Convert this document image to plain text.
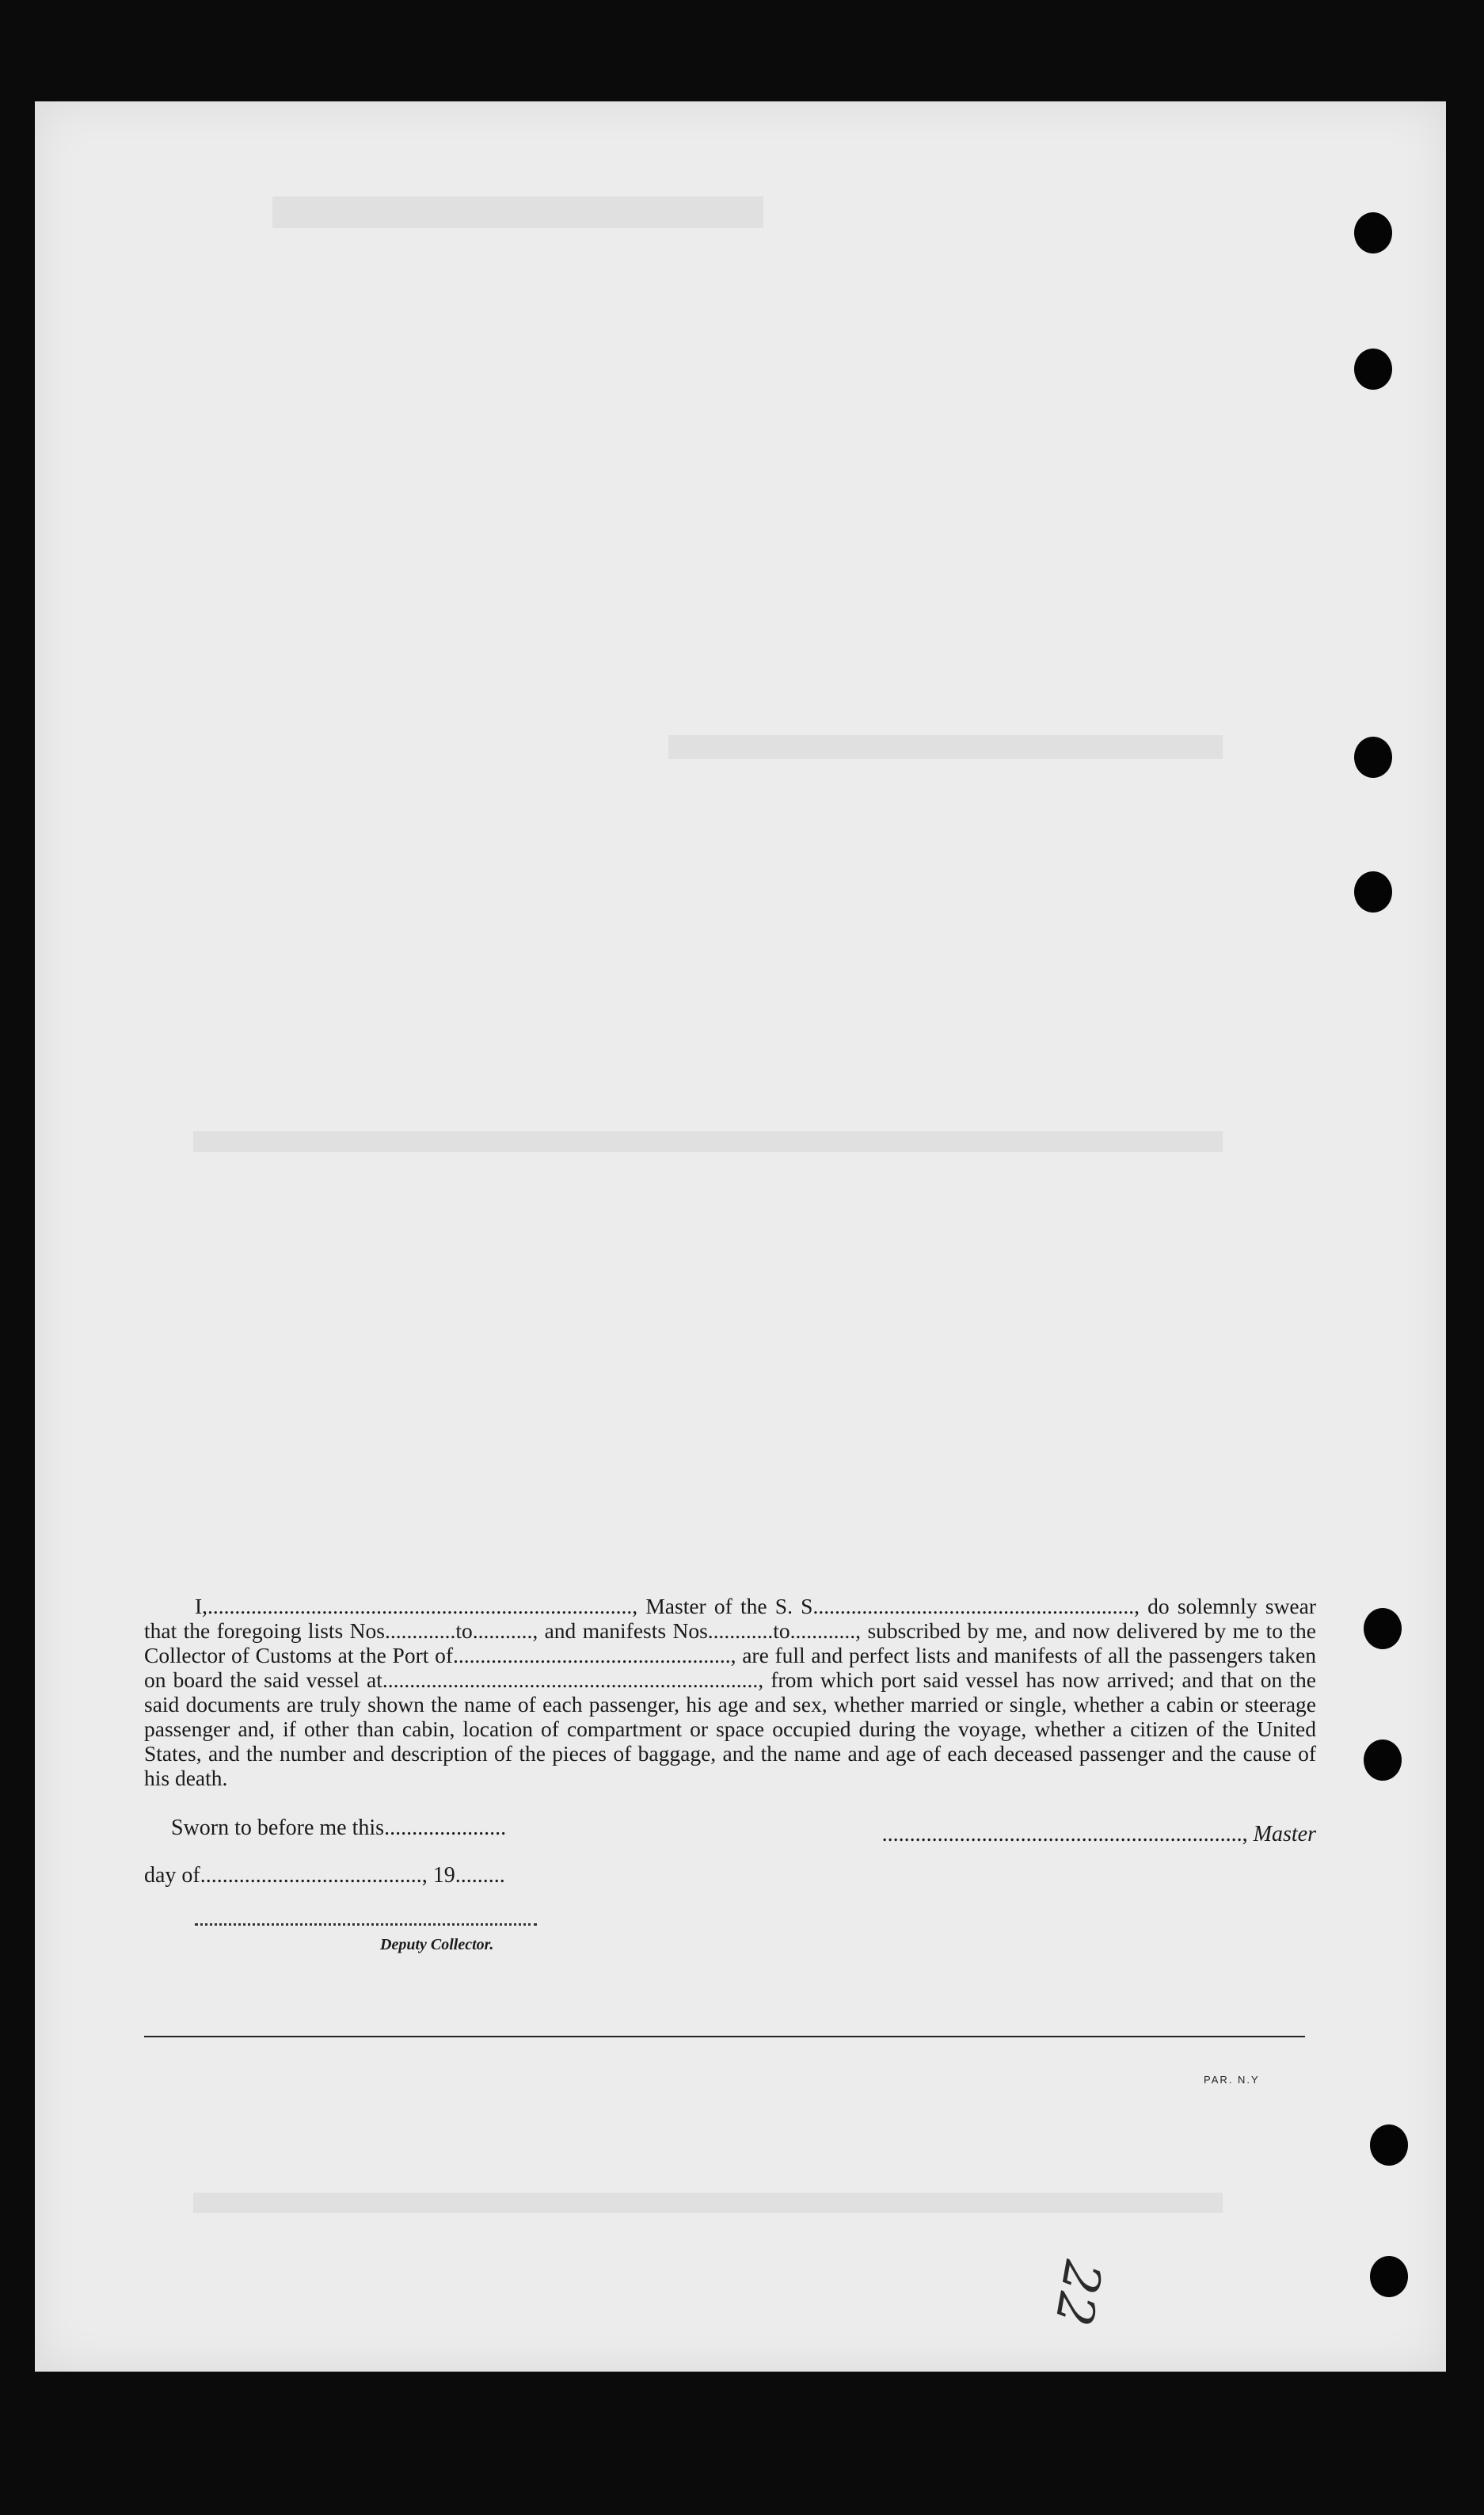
I,.............................................................................., Master of the S. S..........................................................., do solemnly swear that the foregoing lists Nos.............to..........., and manifests Nos............to............, subscribed by me, and now delivered by me to the Collector of Customs at the Port of..................................................., are full and perfect lists and manifests of all the passengers taken on board the said vessel at....................................................................., from which port said vessel has now arrived; and that on the said documents are truly shown the name of each passenger, his age and sex, whether married or single, whether a cabin or steerage passenger and, if other than cabin, location of compartment or space occupied during the voyage, whether a citizen of the United States, and the number and description of the pieces of baggage, and the name and age of each deceased passenger and the cause of his death.

Sworn to before me this......................	................................................................., Master
day of........................................, 19.........
Deputy Collector.
PAR. N.Y
22
